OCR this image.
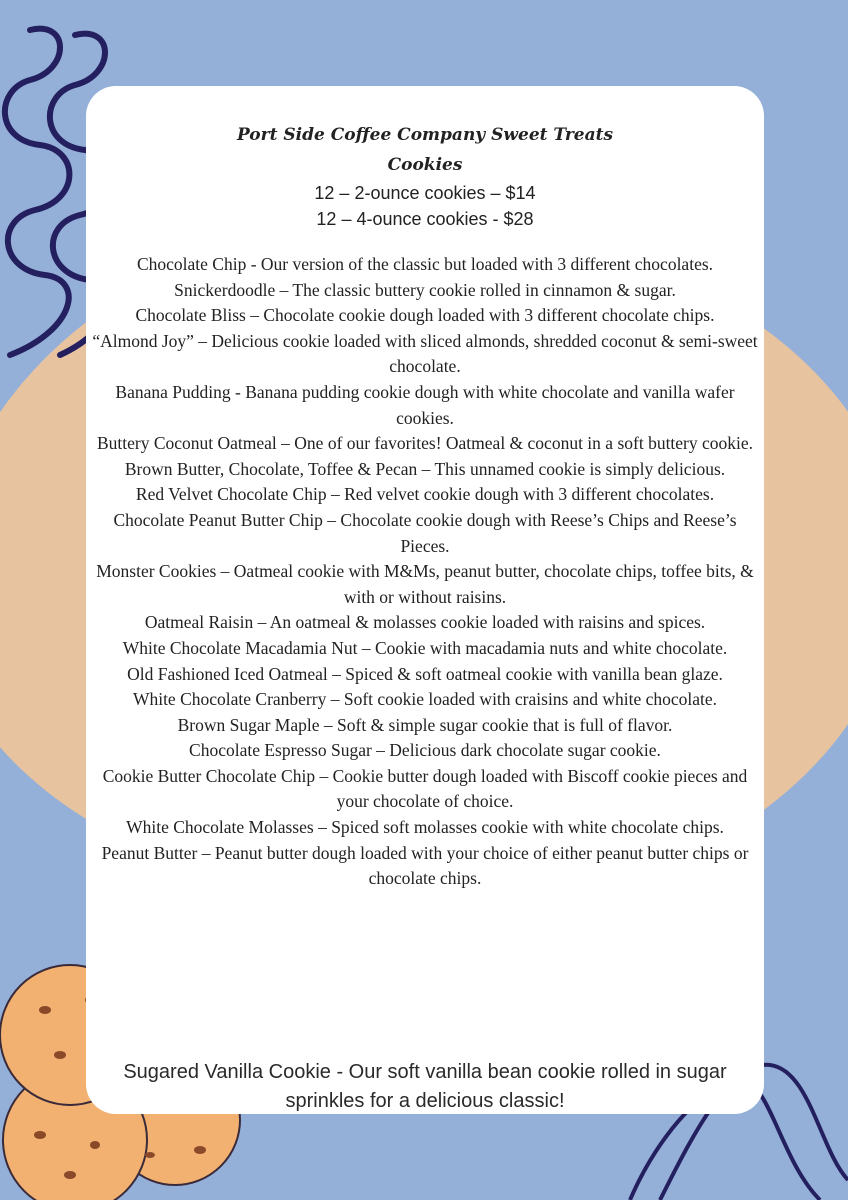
Port Side Coffee Company Sweet Treats

Cookies

12 – 2-ounce cookies – $14
12 – 4-ounce cookies - $28

Chocolate Chip - Our version of the classic but loaded with 3 different chocolates.

Snickerdoodle – The classic buttery cookie rolled in cinnamon & sugar.

Chocolate Bliss – Chocolate cookie dough loaded with 3 different chocolate chips.

“Almond Joy” – Delicious cookie loaded with sliced almonds, shredded coconut & semi-sweet chocolate.

Banana Pudding - Banana pudding cookie dough with white chocolate and vanilla wafer cookies.

Buttery Coconut Oatmeal – One of our favorites! Oatmeal & coconut in a soft buttery cookie.

Brown Butter, Chocolate, Toffee & Pecan – This unnamed cookie is simply delicious.

Red Velvet Chocolate Chip – Red velvet cookie dough with 3 different chocolates.

Chocolate Peanut Butter Chip – Chocolate cookie dough with Reese’s Chips and Reese’s Pieces.

Monster Cookies – Oatmeal cookie with M&Ms, peanut butter, chocolate chips, toffee bits, & with or without raisins.

Oatmeal Raisin – An oatmeal & molasses cookie loaded with raisins and spices.

White Chocolate Macadamia Nut – Cookie with macadamia nuts and white chocolate.

Old Fashioned Iced Oatmeal – Spiced & soft oatmeal cookie with vanilla bean glaze.

White Chocolate Cranberry – Soft cookie loaded with craisins and white chocolate.

Brown Sugar Maple – Soft & simple sugar cookie that is full of flavor.

Chocolate Espresso Sugar – Delicious dark chocolate sugar cookie.

Cookie Butter Chocolate Chip – Cookie butter dough loaded with Biscoff cookie pieces and your chocolate of choice.

White Chocolate Molasses – Spiced soft molasses cookie with white chocolate chips.

Peanut Butter – Peanut butter dough loaded with your choice of either peanut butter chips or chocolate chips.

Sugared Vanilla Cookie - Our soft vanilla bean cookie rolled in sugar sprinkles for a delicious classic!
